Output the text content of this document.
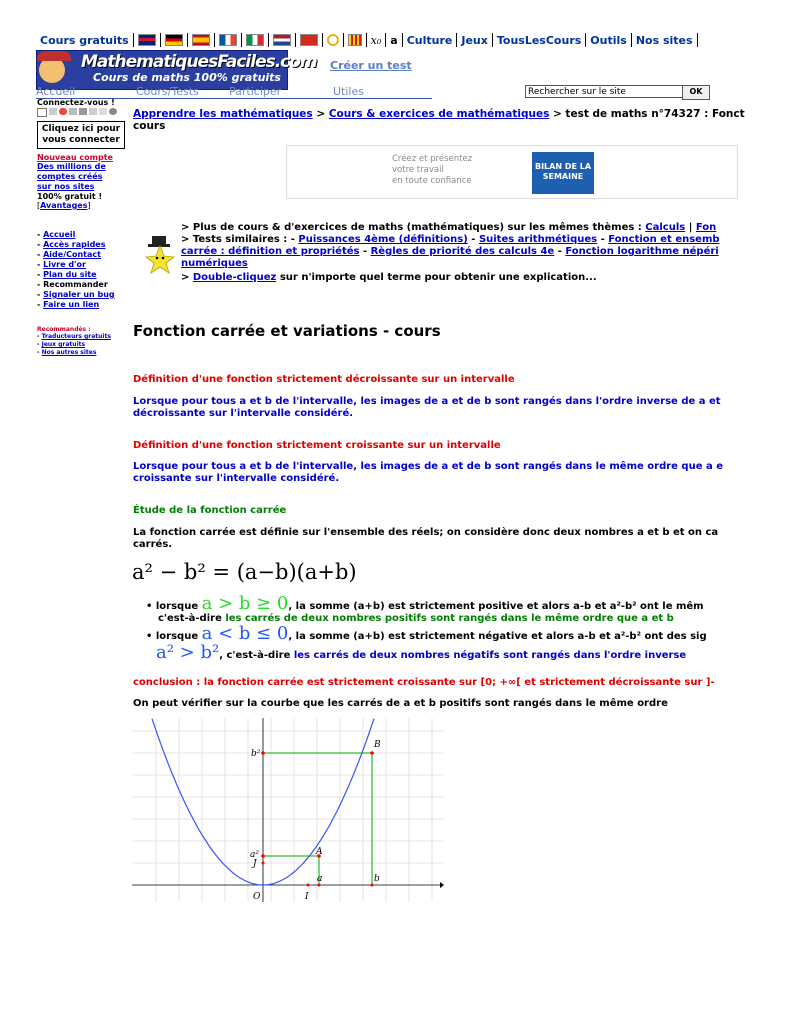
Cours gratuits	x₀ a Culture Jeux TousLesCours Outils Nos sites
MathematiquesFaciles.com
Cours de maths 100% gratuits
Créer un test
Accueil	Cours/Tests	Participer	Utiles
Rechercher sur le site	OK
Connectez-vous !
Cliquez ici pour vous connecter
Nouveau compte
Des millions de comptes créés sur nos sites
100% gratuit !
[Avantages]
- Accueil
- Accès rapides
- Aide/Contact
- Livre d'or
- Plan du site
- Recommander
- Signaler un bug
- Faire un lien
Recommandés :
- Traducteurs gratuits
- Jeux gratuits
- Nos autres sites
Apprendre les mathématiques > Cours & exercices de mathématiques > test de maths n°74327 : Fonct
cours
Créez et présentez
votre travail
en toute confiance
BILAN DE LA SEMAINE
> Plus de cours & d'exercices de maths (mathématiques) sur les mêmes thèmes : Calculs | Fon
> Tests similaires : - Puissances 4ème (définitions) - Suites arithmétiques - Fonction et ensemb
carrée : définition et propriétés - Règles de priorité des calculs 4e - Fonction logarithme népéri
numériques
> Double-cliquez sur n'importe quel terme pour obtenir une explication...
Fonction carrée et variations - cours
Définition d'une fonction strictement décroissante sur un intervalle
Lorsque pour tous a et b de l'intervalle, les images de a et de b sont rangés dans l'ordre inverse de a et
décroissante sur l'intervalle considéré.
Définition d'une fonction strictement croissante sur un intervalle
Lorsque pour tous a et b de l'intervalle, les images de a et de b sont rangés dans le même ordre que a e
croissante sur l'intervalle considéré.
Étude de la fonction carrée
La fonction carrée est définie sur l'ensemble des réels; on considère donc deux nombres a et b et on ca
carrés.
a² − b² = (a−b)(a+b)
• lorsque a > b ≥ 0, la somme (a+b) est strictement positive et alors a-b et a²-b² ont le mêm
c'est-à-dire les carrés de deux nombres positifs sont rangés dans le même ordre que a et b
• lorsque a < b ≤ 0, la somme (a+b) est strictement négative et alors a-b et a²-b² ont des sig
a² > b², c'est-à-dire les carrés de deux nombres négatifs sont rangés dans l'ordre inverse
conclusion : la fonction carrée est strictement croissante sur [0; +∞[ et strictement décroissante sur ]-
On peut vérifier sur la courbe que les carrés de a et b positifs sont rangés dans le même ordre
b²
a²
J
O	I
a	b
A
B
